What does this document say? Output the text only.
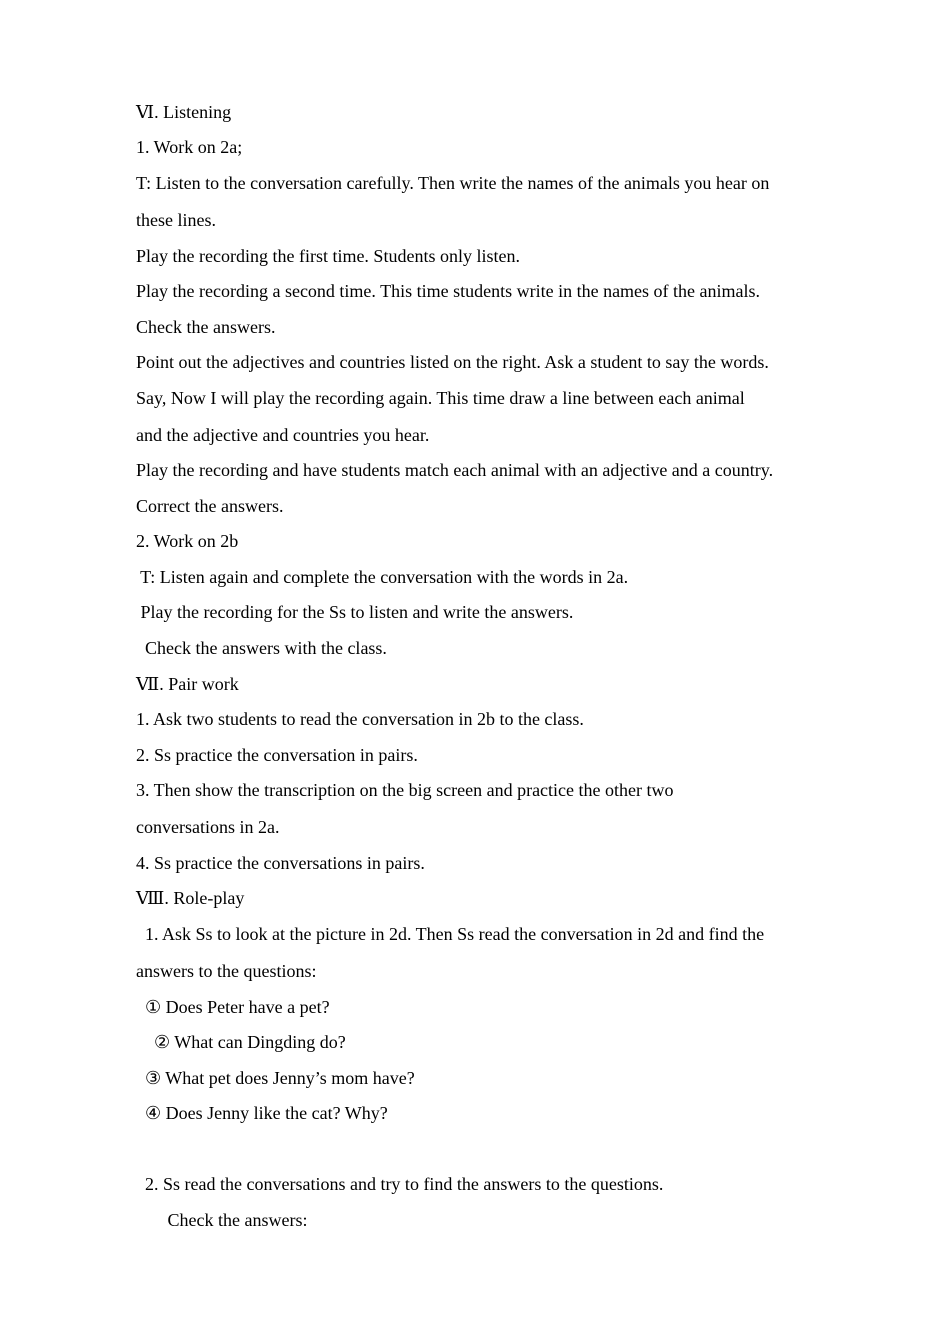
Ⅵ. Listening

1. Work on 2a;

T: Listen to the conversation carefully. Then write the names of the animals you hear on

these lines.

Play the recording the first time. Students only listen.

Play the recording a second time. This time students write in the names of the animals.

Check the answers.

Point out the adjectives and countries listed on the right. Ask a student to say the words.

Say, Now I will play the recording again. This time draw a line between each animal

and the adjective and countries you hear.

Play the recording and have students match each animal with an adjective and a country.

Correct the answers.

2. Work on 2b

T: Listen again and complete the conversation with the words in 2a.

Play the recording for the Ss to listen and write the answers.

Check the answers with the class.

Ⅶ. Pair work

1. Ask two students to read the conversation in 2b to the class.

2. Ss practice the conversation in pairs.

3. Then show the transcription on the big screen and practice the other two

conversations in 2a.

4. Ss practice the conversations in pairs.

Ⅷ. Role-play

1. Ask Ss to look at the picture in 2d. Then Ss read the conversation in 2d and find the

answers to the questions:

① Does Peter have a pet?

② What can Dingding do?

③ What pet does Jenny’s mom have?

④ Does Jenny like the cat? Why?

2. Ss read the conversations and try to find the answers to the questions.

Check the answers:
